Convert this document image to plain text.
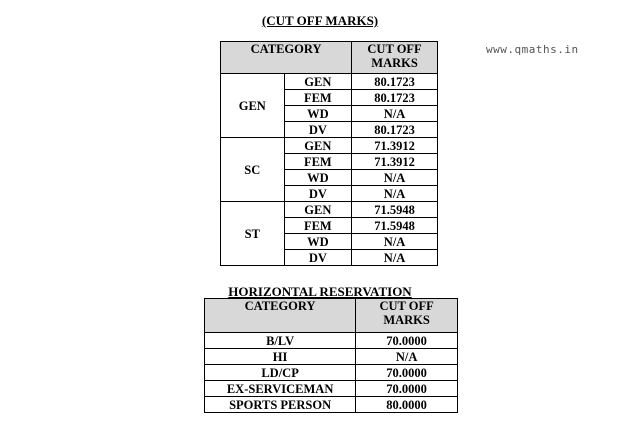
(CUT OFF MARKS)
www.qmaths.in
CATEGORY		CUT OFF MARKS
GEN	GEN	80.1723
	FEM	80.1723
	WD	N/A
	DV	80.1723
SC	GEN	71.3912
	FEM	71.3912
	WD	N/A
	DV	N/A
ST	GEN	71.5948
	FEM	71.5948
	WD	N/A
	DV	N/A
HORIZONTAL RESERVATION
CATEGORY	CUT OFF MARKS
B/LV	70.0000
HI	N/A
LD/CP	70.0000
EX-SERVICEMAN	70.0000
SPORTS PERSON	80.0000
